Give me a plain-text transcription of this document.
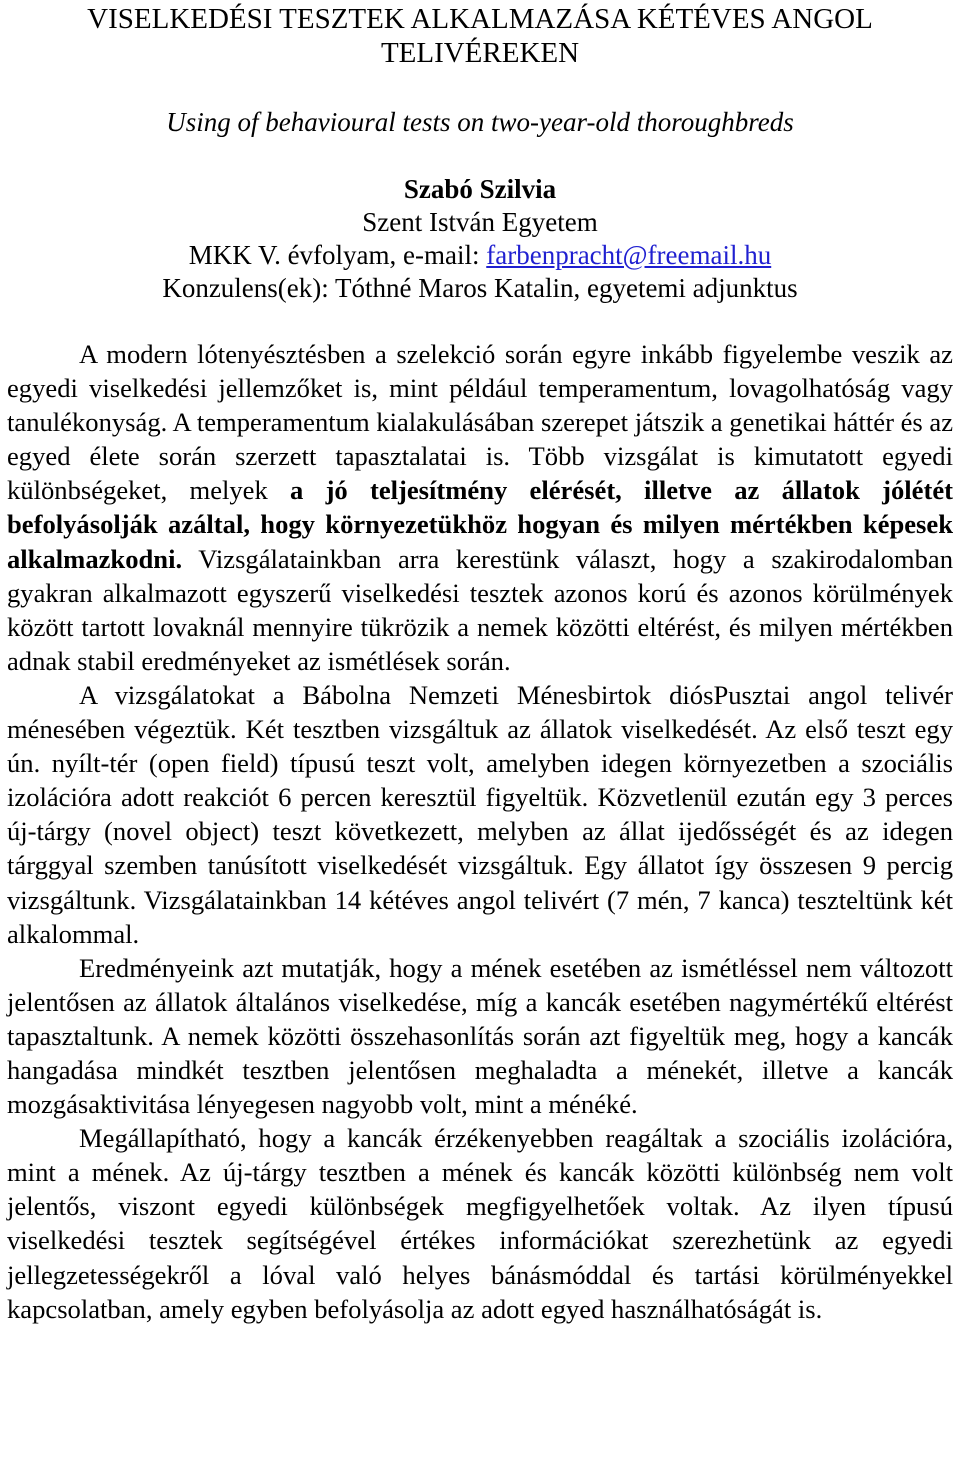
VISELKEDÉSI TESZTEK ALKALMAZÁSA KÉTÉVES ANGOL
TELIVÉREKEN
Using of behavioural tests on two-year-old thoroughbreds
Szabó Szilvia
Szent István Egyetem
MKK V. évfolyam, e-mail: farbenpracht@freemail.hu
Konzulens(ek): Tóthné Maros Katalin, egyetemi adjunktus

A modern lótenyésztésben a szelekció során egyre inkább figyelembe veszik az egyedi viselkedési jellemzőket is, mint például temperamentum, lovagolhatóság vagy tanulékonyság. A temperamentum kialakulásában szerepet játszik a genetikai háttér és az egyed élete során szerzett tapasztalatai is. Több vizsgálat is kimutatott egyedi különbségeket, melyek a jó teljesítmény elérését, illetve az állatok jólétét befolyásolják azáltal, hogy környezetükhöz hogyan és milyen mértékben képesek alkalmazkodni. Vizsgálatainkban arra kerestünk választ, hogy a szakirodalomban gyakran alkalmazott egyszerű viselkedési tesztek azonos korú és azonos körülmények között tartott lovaknál mennyire tükrözik a nemek közötti eltérést, és milyen mértékben adnak stabil eredményeket az ismétlések során.

A vizsgálatokat a Bábolna Nemzeti Ménesbirtok diósPusztai angol telivér ménesében végeztük. Két tesztben vizsgáltuk az állatok viselkedését. Az első teszt egy ún. nyílt-tér (open field) típusú teszt volt, amelyben idegen környezetben a szociális izolációra adott reakciót 6 percen keresztül figyeltük. Közvetlenül ezután egy 3 perces új-tárgy (novel object) teszt következett, melyben az állat ijedősségét és az idegen tárggyal szemben tanúsított viselkedését vizsgáltuk. Egy állatot így összesen 9 percig vizsgáltunk. Vizsgálatainkban 14 kétéves angol telivért (7 mén, 7 kanca) teszteltünk két alkalommal.

Eredményeink azt mutatják, hogy a mének esetében az ismétléssel nem változott jelentősen az állatok általános viselkedése, míg a kancák esetében nagymértékű eltérést tapasztaltunk. A nemek közötti összehasonlítás során azt figyeltük meg, hogy a kancák hangadása mindkét tesztben jelentősen meghaladta a ménekét, illetve a kancák mozgásaktivitása lényegesen nagyobb volt, mint a ménéké.

Megállapítható, hogy a kancák érzékenyebben reagáltak a szociális izolációra, mint a mének. Az új-tárgy tesztben a mének és kancák közötti különbség nem volt jelentős, viszont egyedi különbségek megfigyelhetőek voltak. Az ilyen típusú viselkedési tesztek segítségével értékes információkat szerezhetünk az egyedi jellegzetességekről a lóval való helyes bánásmóddal és tartási körülményekkel kapcsolatban, amely egyben befolyásolja az adott egyed használhatóságát is.
